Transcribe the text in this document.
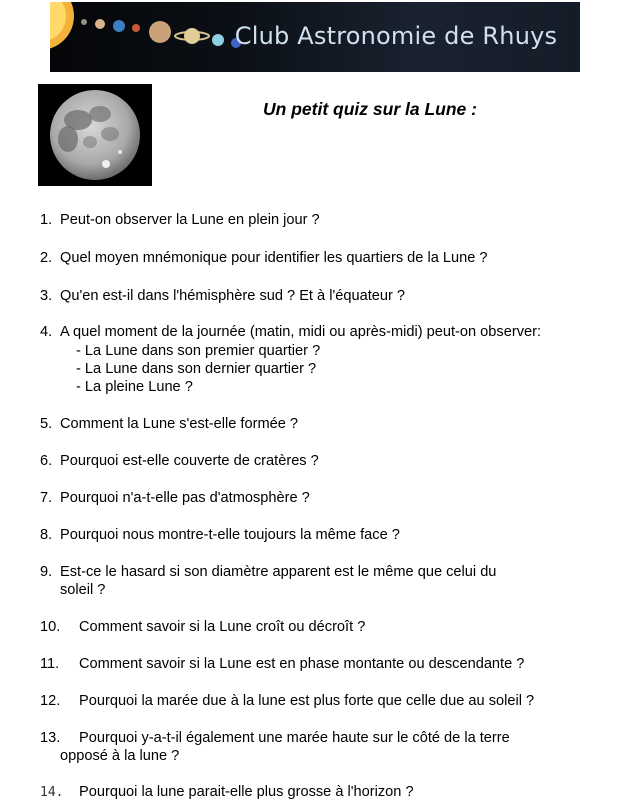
Club Astronomie de Rhuys
Un petit quiz sur la Lune :
1. Peut-on observer la Lune en plein jour ?
2. Quel moyen mnémonique pour identifier les quartiers de la Lune ?
3. Qu'en est-il dans l'hémisphère sud ? Et à l'équateur ?
4. A quel moment de la journée (matin, midi ou après-midi) peut-on observer:
- La Lune dans son premier quartier ?
- La Lune dans son dernier quartier ?
- La pleine Lune ?
5. Comment la Lune s'est-elle formée ?
6. Pourquoi est-elle couverte de cratères ?
7. Pourquoi n'a-t-elle pas d'atmosphère ?
8. Pourquoi nous montre-t-elle toujours la même face ?
9. Est-ce le hasard si son diamètre apparent est le même que celui du
soleil ?
10. Comment savoir si la Lune croît ou décroît ?
11. Comment savoir si la Lune est en phase montante ou descendante ?
12. Pourquoi la marée due à la lune est plus forte que celle due au soleil ?
13. Pourquoi y-a-t-il également une marée haute sur le côté de la terre
opposé à la lune ?
14. Pourquoi la lune parait-elle plus grosse à l'horizon ?
